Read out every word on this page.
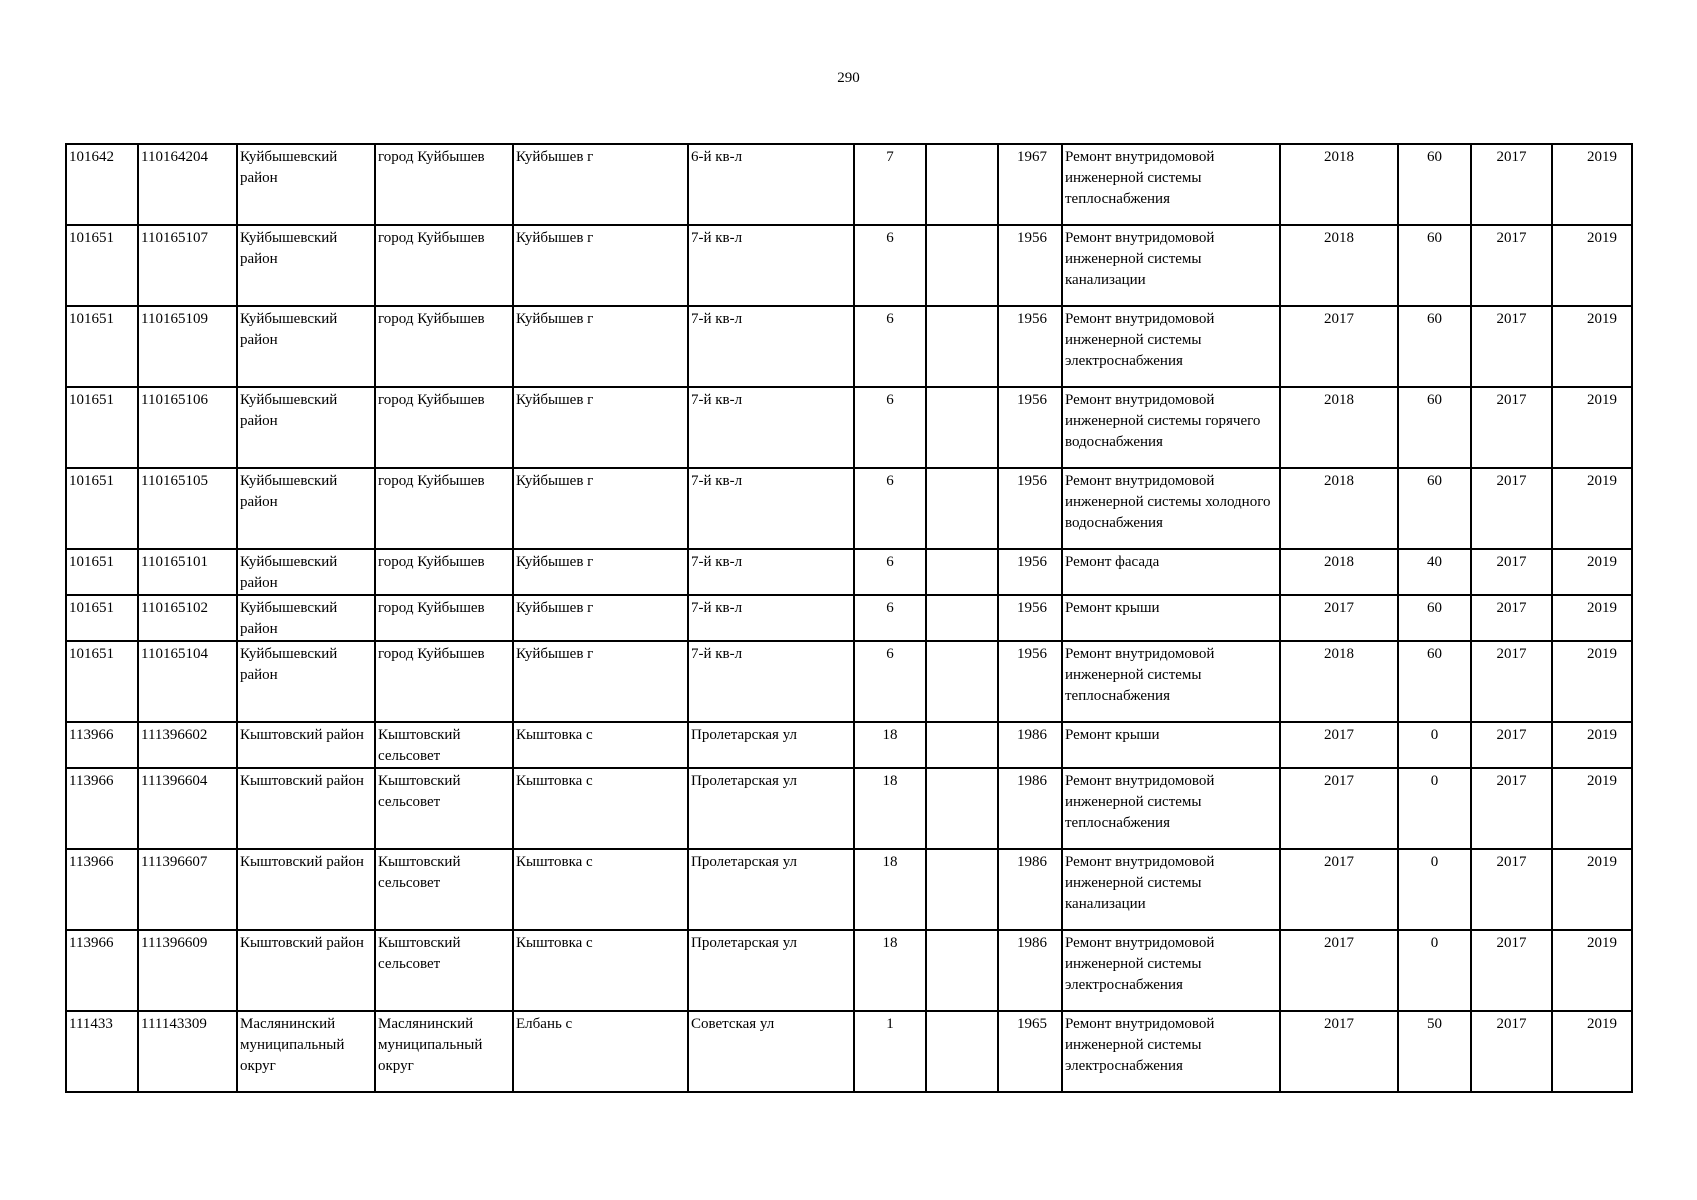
290
101642	110164204	Куйбышевский район	город Куйбышев	Куйбышев г	6-й кв-л	7		1967	Ремонт внутридомовой инженерной системы теплоснабжения	2018	60	2017	2019
101651	110165107	Куйбышевский район	город Куйбышев	Куйбышев г	7-й кв-л	6		1956	Ремонт внутридомовой инженерной системы канализации	2018	60	2017	2019
101651	110165109	Куйбышевский район	город Куйбышев	Куйбышев г	7-й кв-л	6		1956	Ремонт внутридомовой инженерной системы электроснабжения	2017	60	2017	2019
101651	110165106	Куйбышевский район	город Куйбышев	Куйбышев г	7-й кв-л	6		1956	Ремонт внутридомовой инженерной системы горячего водоснабжения	2018	60	2017	2019
101651	110165105	Куйбышевский район	город Куйбышев	Куйбышев г	7-й кв-л	6		1956	Ремонт внутридомовой инженерной системы холодного водоснабжения	2018	60	2017	2019
101651	110165101	Куйбышевский район	город Куйбышев	Куйбышев г	7-й кв-л	6		1956	Ремонт фасада	2018	40	2017	2019
101651	110165102	Куйбышевский район	город Куйбышев	Куйбышев г	7-й кв-л	6		1956	Ремонт крыши	2017	60	2017	2019
101651	110165104	Куйбышевский район	город Куйбышев	Куйбышев г	7-й кв-л	6		1956	Ремонт внутридомовой инженерной системы теплоснабжения	2018	60	2017	2019
113966	111396602	Кыштовский район	Кыштовский сельсовет	Кыштовка с	Пролетарская ул	18		1986	Ремонт крыши	2017	0	2017	2019
113966	111396604	Кыштовский район	Кыштовский сельсовет	Кыштовка с	Пролетарская ул	18		1986	Ремонт внутридомовой инженерной системы теплоснабжения	2017	0	2017	2019
113966	111396607	Кыштовский район	Кыштовский сельсовет	Кыштовка с	Пролетарская ул	18		1986	Ремонт внутридомовой инженерной системы канализации	2017	0	2017	2019
113966	111396609	Кыштовский район	Кыштовский сельсовет	Кыштовка с	Пролетарская ул	18		1986	Ремонт внутридомовой инженерной системы электроснабжения	2017	0	2017	2019
111433	111143309	Маслянинский муниципальный округ	Маслянинский муниципальный округ	Елбань с	Советская ул	1		1965	Ремонт внутридомовой инженерной системы электроснабжения	2017	50	2017	2019
